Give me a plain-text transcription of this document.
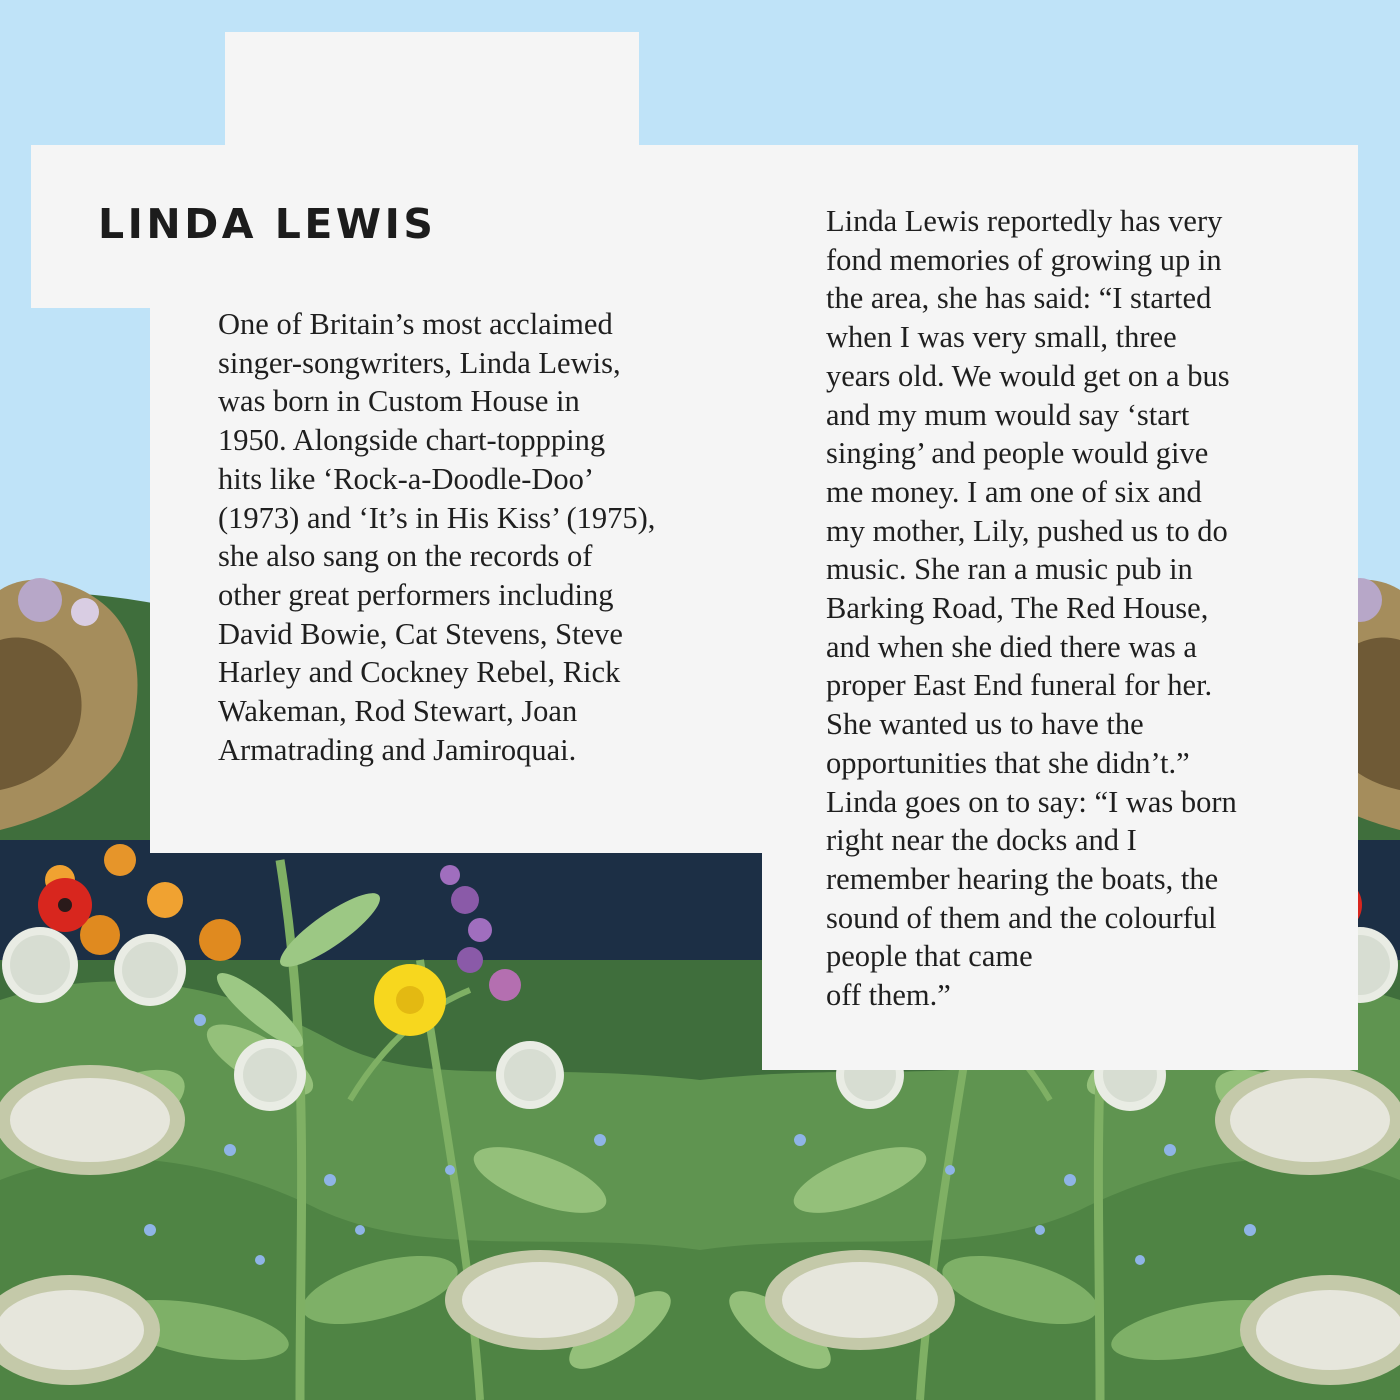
LINDA LEWIS

One of Britain’s most acclaimed
singer-songwriters, Linda Lewis,
was born in Custom House in
1950. Alongside chart-toppping
hits like ‘Rock-a-Doodle-Doo’
(1973) and ‘It’s in His Kiss’ (1975),
she also sang on the records of
other great performers including
David Bowie, Cat Stevens, Steve
Harley and Cockney Rebel, Rick
Wakeman, Rod Stewart, Joan
Armatrading and Jamiroquai.

Linda Lewis reportedly has very
fond memories of growing up in
the area, she has said: “I started
when I was very small, three
years old. We would get on a bus
and my mum would say ‘start
singing’ and people would give
me money. I am one of six and
my mother, Lily, pushed us to do
music. She ran a music pub in
Barking Road, The Red House,
and when she died there was a
proper East End funeral for her.
She wanted us to have the
opportunities that she didn’t.”
Linda goes on to say: “I was born
right near the docks and I
remember hearing the boats, the
sound of them and the colourful
people that came
off them.”
